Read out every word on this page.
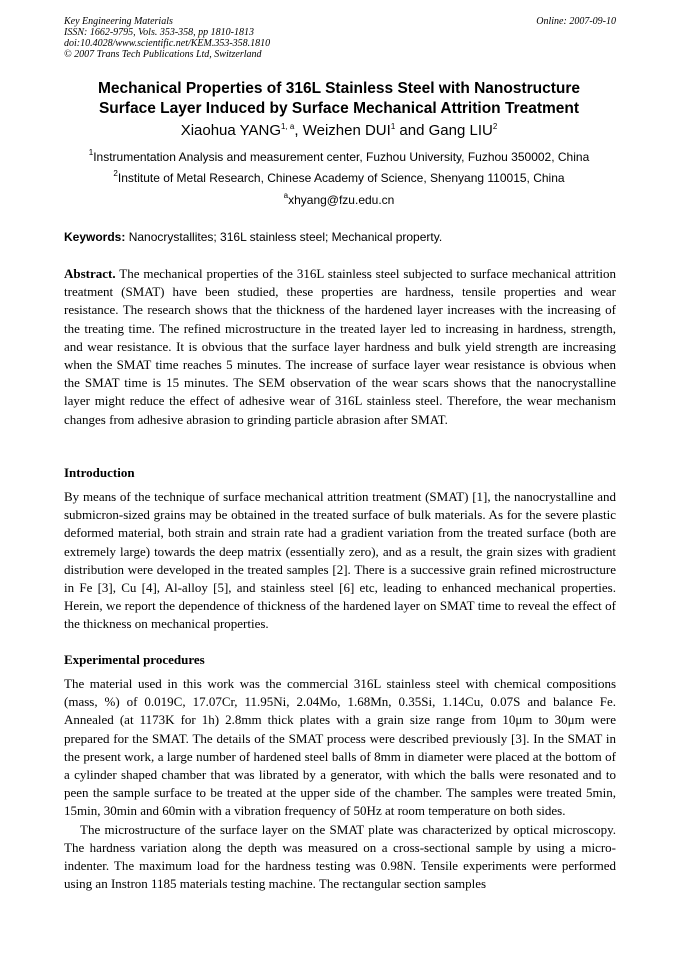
Key Engineering Materials
ISSN: 1662-9795, Vols. 353-358, pp 1810-1813
doi:10.4028/www.scientific.net/KEM.353-358.1810
© 2007 Trans Tech Publications Ltd, Switzerland
Online: 2007-09-10
Mechanical Properties of 316L Stainless Steel with Nanostructure
Surface Layer Induced by Surface Mechanical Attrition Treatment
Xiaohua YANG$^{1, a}$, Weizhen DUI$^1$ and Gang LIU$^2$
$^1$Instrumentation Analysis and measurement center, Fuzhou University, Fuzhou 350002, China
$^2$Institute of Metal Research, Chinese Academy of Science, Shenyang 110015, China
$^a$xhyang@fzu.edu.cn
Keywords: Nanocrystallites; 316L stainless steel; Mechanical property.
Abstract. The mechanical properties of the 316L stainless steel subjected to surface mechanical attrition treatment (SMAT) have been studied, these properties are hardness, tensile properties and wear resistance. The research shows that the thickness of the hardened layer increases with the increasing of the treating time. The refined microstructure in the treated layer led to increasing in hardness, strength, and wear resistance. It is obvious that the surface layer hardness and bulk yield strength are increasing when the SMAT time reaches 5 minutes. The increase of surface layer wear resistance is obvious when the SMAT time is 15 minutes. The SEM observation of the wear scars shows that the nanocrystalline layer might reduce the effect of adhesive wear of 316L stainless steel. Therefore, the wear mechanism changes from adhesive abrasion to grinding particle abrasion after SMAT.
Introduction
By means of the technique of surface mechanical attrition treatment (SMAT) [1], the nanocrystalline and submicron-sized grains may be obtained in the treated surface of bulk materials. As for the severe plastic deformed material, both strain and strain rate had a gradient variation from the treated surface (both are extremely large) towards the deep matrix (essentially zero), and as a result, the grain sizes with gradient distribution were developed in the treated samples [2]. There is a successive grain refined microstructure in Fe [3], Cu [4], Al-alloy [5], and stainless steel [6] etc, leading to enhanced mechanical properties. Herein, we report the dependence of thickness of the hardened layer on SMAT time to reveal the effect of the thickness on mechanical properties.
Experimental procedures
The material used in this work was the commercial 316L stainless steel with chemical compositions (mass, %) of 0.019C, 17.07Cr, 11.95Ni, 2.04Mo, 1.68Mn, 0.35Si, 1.14Cu, 0.07S and balance Fe. Annealed (at 1173K for 1h) 2.8mm thick plates with a grain size range from 10μm to 30μm were prepared for the SMAT. The details of the SMAT process were described previously [3]. In the SMAT in the present work, a large number of hardened steel balls of 8mm in diameter were placed at the bottom of a cylinder shaped chamber that was librated by a generator, with which the balls were resonated and to peen the sample surface to be treated at the upper side of the chamber. The samples were treated 5min, 15min, 30min and 60min with a vibration frequency of 50Hz at room temperature on both sides.
The microstructure of the surface layer on the SMAT plate was characterized by optical microscopy. The hardness variation along the depth was measured on a cross-sectional sample by using a micro-indenter. The maximum load for the hardness testing was 0.98N. Tensile experiments were performed using an Instron 1185 materials testing machine. The rectangular section samples
